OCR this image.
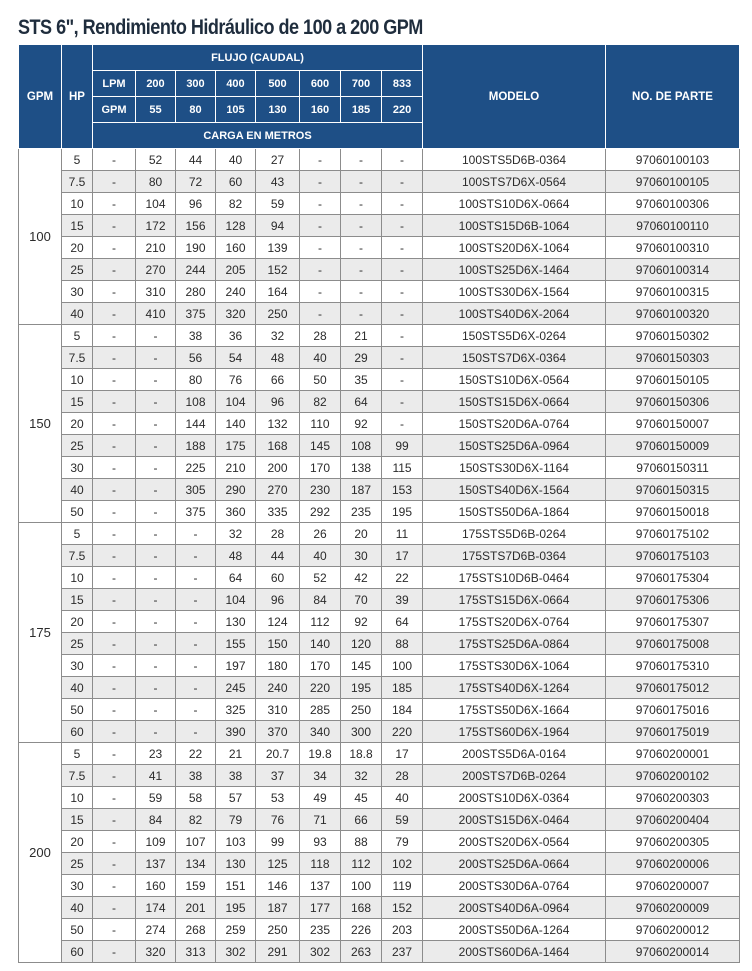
STS 6", Rendimiento Hidráulico de 100 a 200 GPM
GPM	HP	FLUJO (CAUDAL)								MODELO	NO. DE PARTE
		LPM	200	300	400	500	600	700	833		
		GPM	55	80	105	130	160	185	220		
		CARGA EN METROS									
100	5	-	52	44	40	27	-	-	-	100STS5D6B-0364	97060100103
	7.5	-	80	72	60	43	-	-	-	100STS7D6X-0564	97060100105
	10	-	104	96	82	59	-	-	-	100STS10D6X-0664	97060100306
	15	-	172	156	128	94	-	-	-	100STS15D6B-1064	97060100110
	20	-	210	190	160	139	-	-	-	100STS20D6X-1064	97060100310
	25	-	270	244	205	152	-	-	-	100STS25D6X-1464	97060100314
	30	-	310	280	240	164	-	-	-	100STS30D6X-1564	97060100315
	40	-	410	375	320	250	-	-	-	100STS40D6X-2064	97060100320
150	5	-	-	38	36	32	28	21	-	150STS5D6X-0264	97060150302
	7.5	-	-	56	54	48	40	29	-	150STS7D6X-0364	97060150303
	10	-	-	80	76	66	50	35	-	150STS10D6X-0564	97060150105
	15	-	-	108	104	96	82	64	-	150STS15D6X-0664	97060150306
	20	-	-	144	140	132	110	92	-	150STS20D6A-0764	97060150007
	25	-	-	188	175	168	145	108	99	150STS25D6A-0964	97060150009
	30	-	-	225	210	200	170	138	115	150STS30D6X-1164	97060150311
	40	-	-	305	290	270	230	187	153	150STS40D6X-1564	97060150315
	50	-	-	375	360	335	292	235	195	150STS50D6A-1864	97060150018
175	5	-	-	-	32	28	26	20	11	175STS5D6B-0264	97060175102
	7.5	-	-	-	48	44	40	30	17	175STS7D6B-0364	97060175103
	10	-	-	-	64	60	52	42	22	175STS10D6B-0464	97060175304
	15	-	-	-	104	96	84	70	39	175STS15D6X-0664	97060175306
	20	-	-	-	130	124	112	92	64	175STS20D6X-0764	97060175307
	25	-	-	-	155	150	140	120	88	175STS25D6A-0864	97060175008
	30	-	-	-	197	180	170	145	100	175STS30D6X-1064	97060175310
	40	-	-	-	245	240	220	195	185	175STS40D6X-1264	97060175012
	50	-	-	-	325	310	285	250	184	175STS50D6X-1664	97060175016
	60	-	-	-	390	370	340	300	220	175STS60D6X-1964	97060175019
200	5	-	23	22	21	20.7	19.8	18.8	17	200STS5D6A-0164	97060200001
	7.5	-	41	38	38	37	34	32	28	200STS7D6B-0264	97060200102
	10	-	59	58	57	53	49	45	40	200STS10D6X-0364	97060200303
	15	-	84	82	79	76	71	66	59	200STS15D6X-0464	97060200404
	20	-	109	107	103	99	93	88	79	200STS20D6X-0564	97060200305
	25	-	137	134	130	125	118	112	102	200STS25D6A-0664	97060200006
	30	-	160	159	151	146	137	100	119	200STS30D6A-0764	97060200007
	40	-	174	201	195	187	177	168	152	200STS40D6A-0964	97060200009
	50	-	274	268	259	250	235	226	203	200STS50D6A-1264	97060200012
	60	-	320	313	302	291	302	263	237	200STS60D6A-1464	97060200014
